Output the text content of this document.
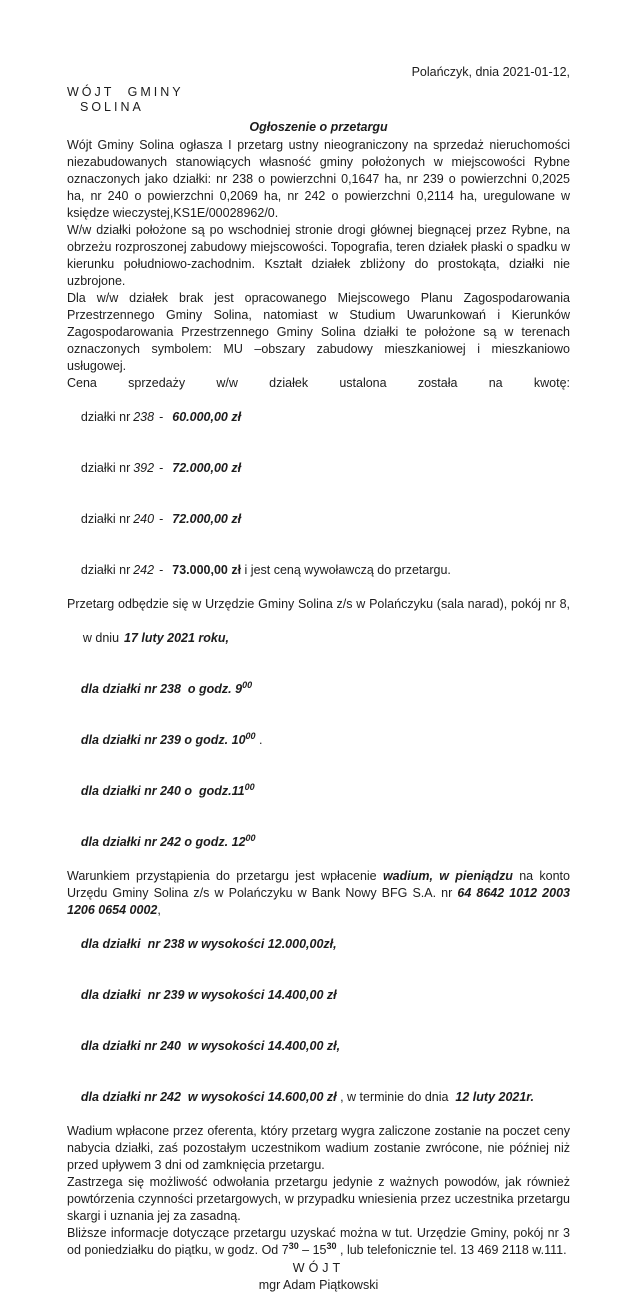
Polańczyk, dnia 2021-01-12,
WÓJT GMINY
SOLINA
Ogłoszenie o przetargu

Wójt Gminy Solina ogłasza I przetarg ustny nieograniczony na sprzedaż nieruchomości niezabudowanych stanowiących własność gminy położonych w miejscowości Rybne oznaczonych jako działki: nr 238 o powierzchni 0,1647 ha, nr 239 o powierzchni 0,2025 ha, nr 240 o powierzchni 0,2069 ha, nr 242 o powierzchni 0,2114 ha, uregulowane w księdze wieczystej,KS1E/00028962/0.

W/w działki położone są po wschodniej stronie drogi głównej biegnącej przez Rybne, na obrzeżu rozproszonej zabudowy miejscowości. Topografia, teren działek płaski o spadku w kierunku południowo-zachodnim. Kształt działek zbliżony do prostokąta, działki nie uzbrojone.

Dla w/w działek brak jest opracowanego Miejscowego Planu Zagospodarowania Przestrzennego Gminy Solina, natomiast w Studium Uwarunkowań i Kierunków Zagospodarowania Przestrzennego Gminy Solina działki te położone są w terenach oznaczonych symbolem: MU –obszary zabudowy mieszkaniowej i mieszkaniowo usługowej.

Cena sprzedaży w/w działek ustalona została na kwotę:

działki nr 238 - 60.000,00 zł

działki nr 392 - 72.000,00 zł

działki nr 240 - 72.000,00 zł

działki nr 242 - 73.000,00 zł i jest ceną wywoławczą do przetargu.

Przetarg odbędzie się w Urzędzie Gminy Solina z/s w Polańczyku (sala narad), pokój nr 8,

w dniu 17 luty 2021 roku,

dla działki nr 238  o godz. $9^{00}$

dla działki nr 239 o godz. $10^{00}$ .

dla działki nr 240 o  $godz.11^{00}$

dla działki nr 242 o godz. $12^{00}$

Warunkiem przystąpienia do przetargu jest wpłacenie wadium, w pieniądzu na konto Urzędu Gminy Solina z/s w Polańczyku w Bank Nowy BFG S.A. nr 64 8642 1012 2003 1206 0654 0002,

dla działki  nr 238 w wysokości 12.000,00zł,

dla działki  nr 239 w wysokości 14.400,00 zł

dla działki nr 240  w wysokości 14.400,00 zł,

dla działki nr 242  w wysokości 14.600,00 zł , w terminie do dnia  12 luty 2021r.

Wadium wpłacone przez oferenta, który przetarg wygra zaliczone zostanie na poczet ceny nabycia działki, zaś pozostałym uczestnikom wadium zostanie zwrócone, nie później niż przed upływem 3 dni od zamknięcia przetargu.

Zastrzega się możliwość odwołania przetargu jedynie z ważnych powodów, jak również powtórzenia czynności przetargowych, w przypadku wniesienia przez uczestnika przetargu skargi i uznania jej za zasadną.

Bliższe informacje dotyczące przetargu uzyskać można w tut. Urzędzie Gminy, pokój nr 3 od poniedziałku do piątku, w godz. Od $7^{30} - 15^{30}$ , lub telefonicznie tel. 13 469 2118 w.111.

WÓJT

mgr Adam Piątkowski
